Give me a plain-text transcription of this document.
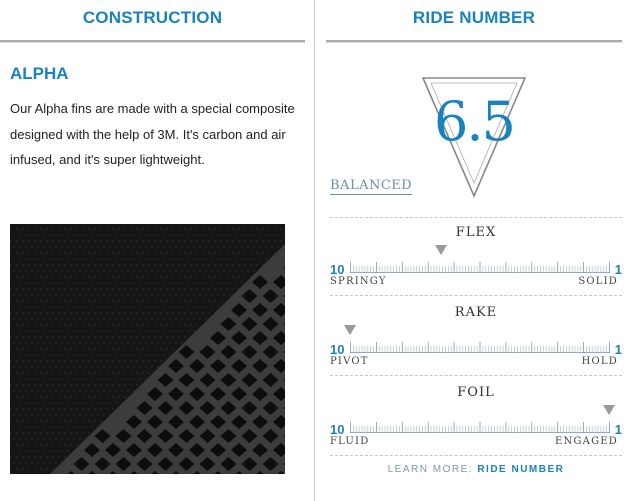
CONSTRUCTION
ALPHA

Our Alpha fins are made with a special composite designed with the help of 3M. It's carbon and air infused, and it's super lightweight.

RIDE NUMBER
6.5
BALANCED
FLEX
10	1
SPRINGY	SOLID
RAKE
10	1
PIVOT	HOLD
FOIL
10	1
FLUID	ENGAGED
LEARN MORE: RIDE NUMBER
